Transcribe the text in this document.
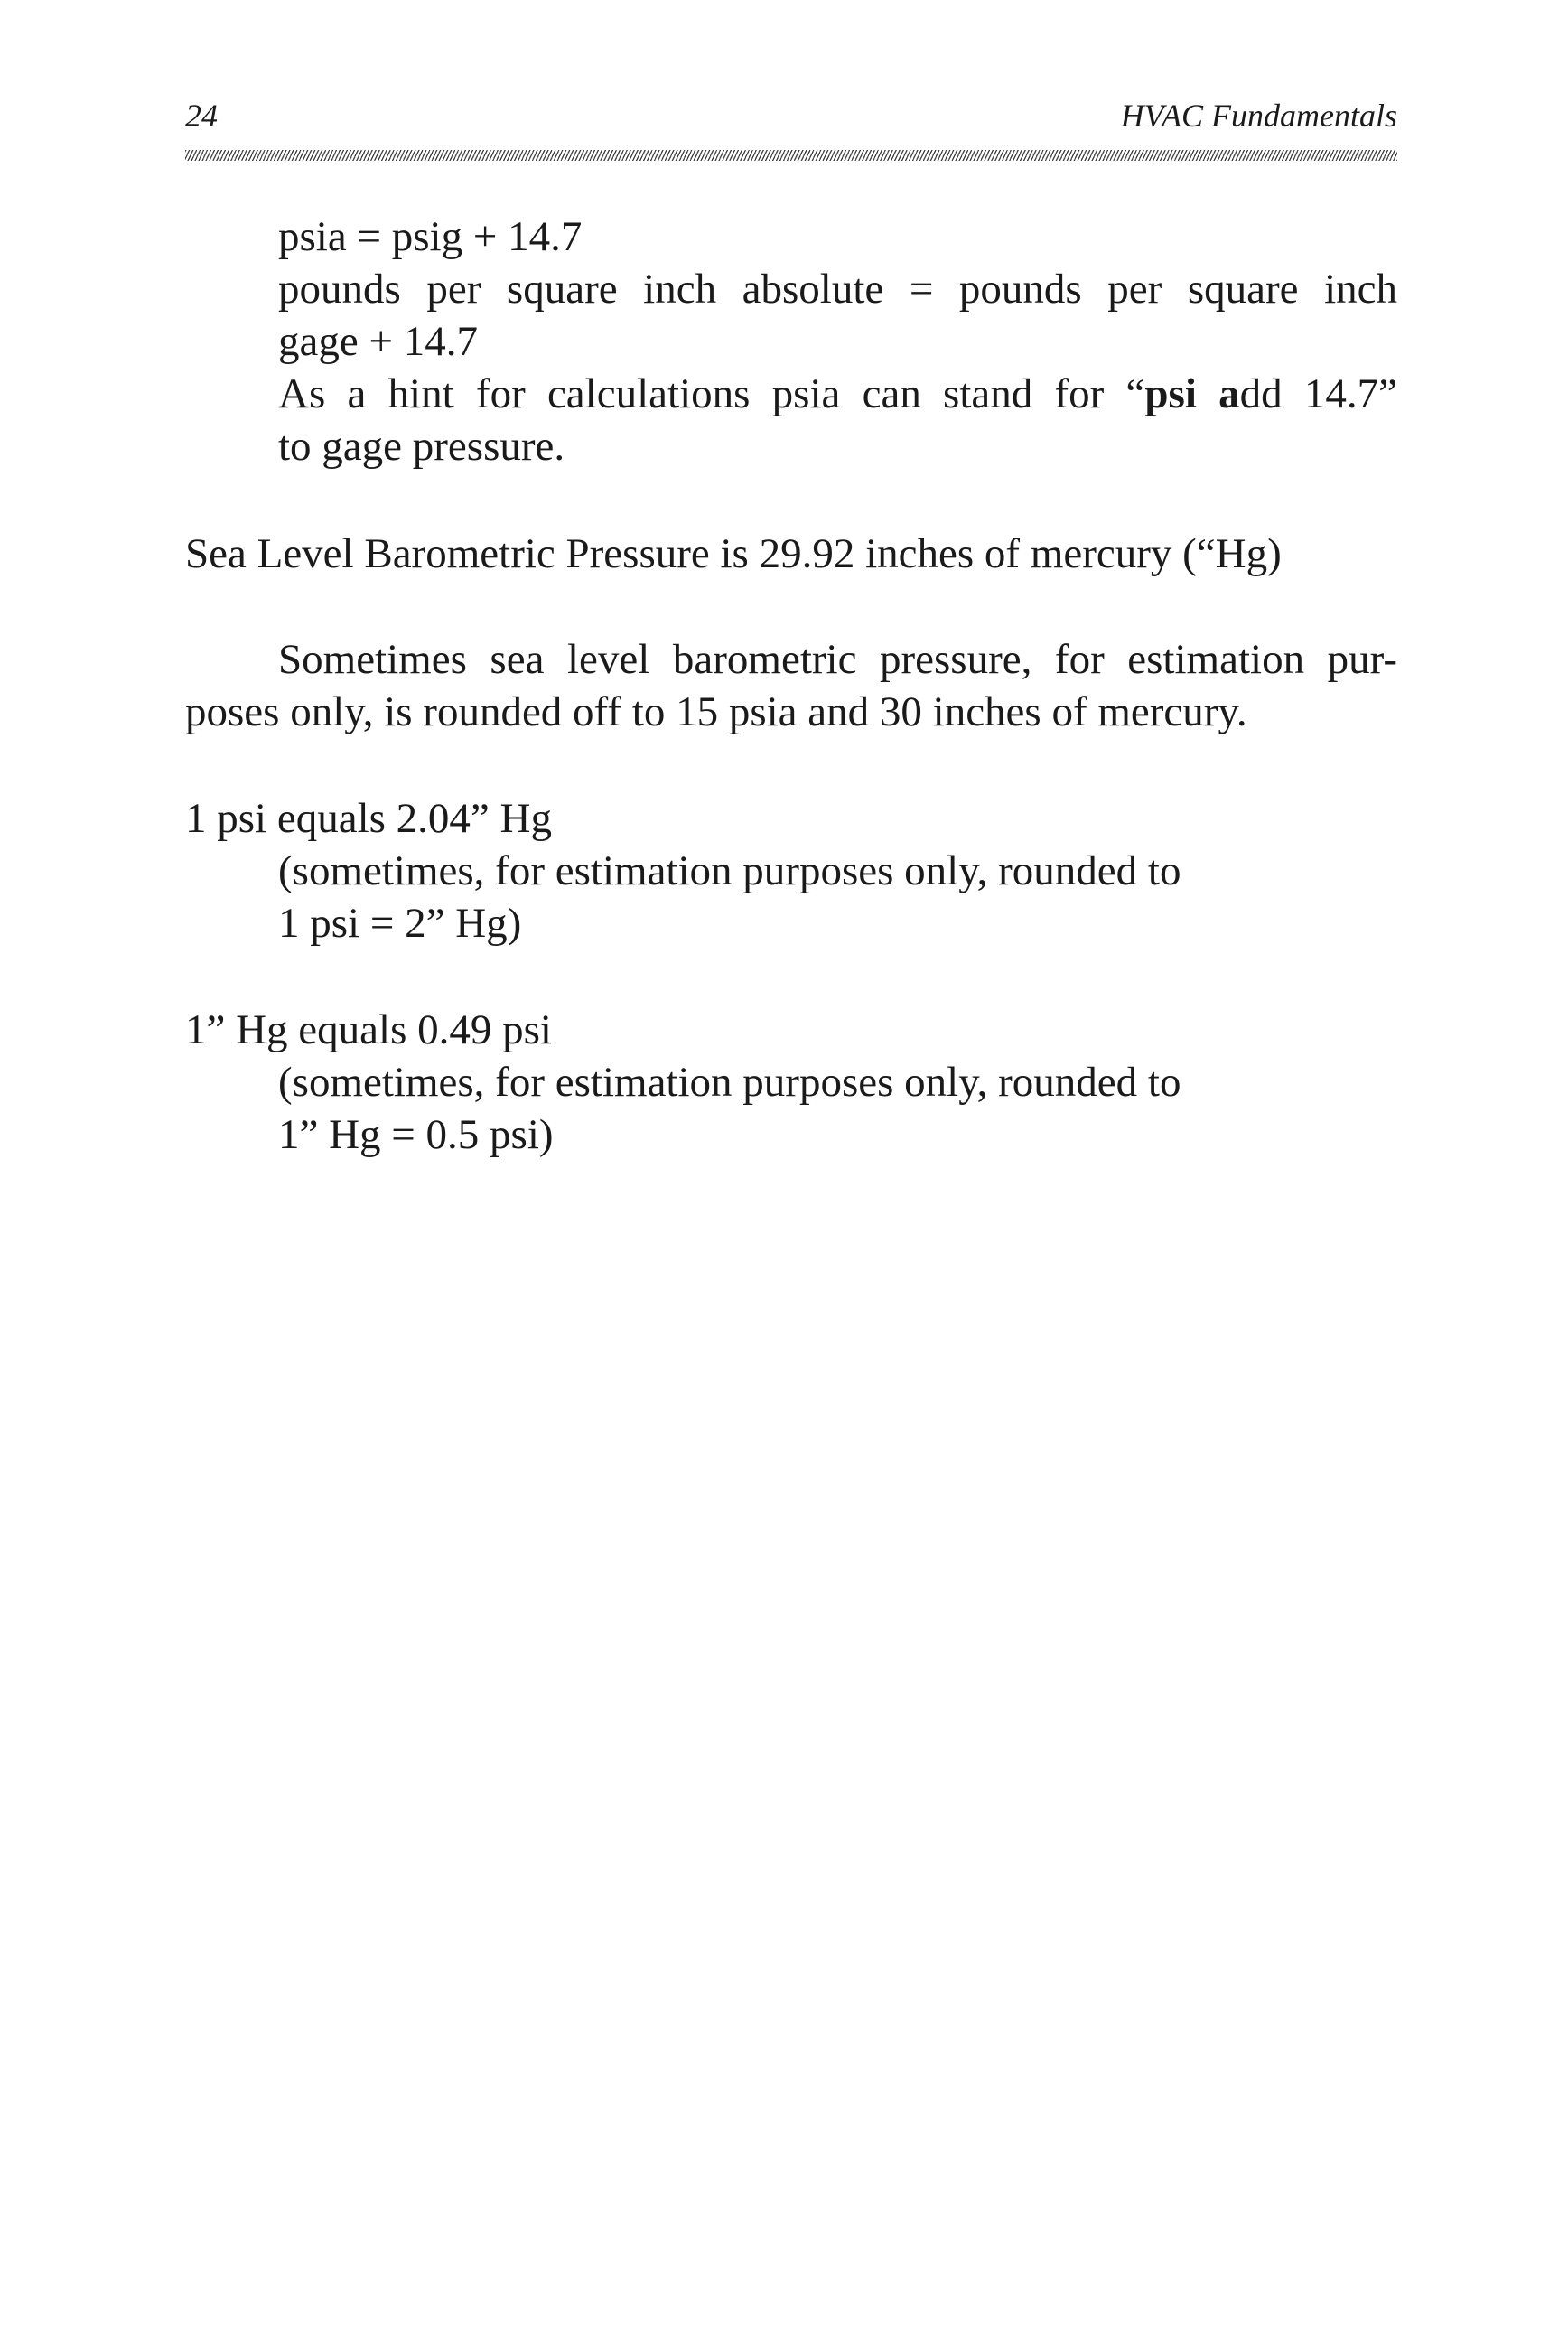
24	HVAC Fundamentals
psia = psig + 14.7
pounds per square inch absolute = pounds per square inch
gage + 14.7
As a hint for calculations psia can stand for “psi add 14.7”
to gage pressure.
Sea Level Barometric Pressure is 29.92 inches of mercury (“Hg)
Sometimes sea level barometric pressure, for estimation pur-
poses only, is rounded off to 15 psia and 30 inches of mercury.
1 psi equals 2.04” Hg
(sometimes, for estimation purposes only, rounded to
1 psi = 2” Hg)
1” Hg equals 0.49 psi
(sometimes, for estimation purposes only, rounded to
1” Hg = 0.5 psi)
